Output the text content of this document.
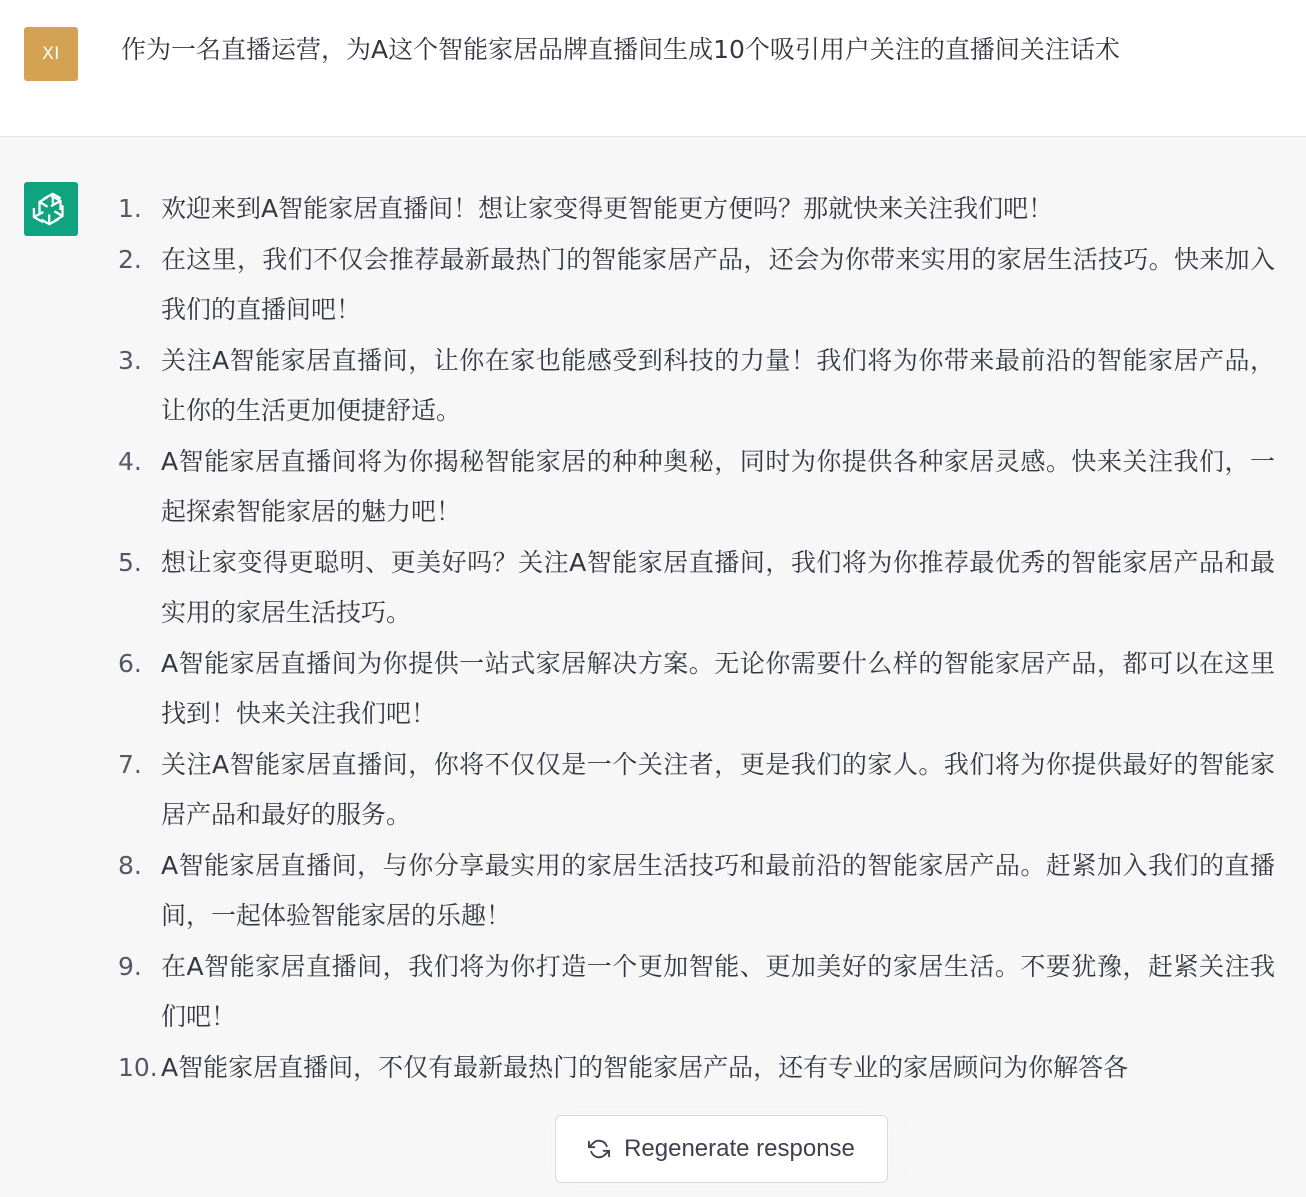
XI 作为一名直播运营，为A这个智能家居品牌直播间生成10个吸引用户关注的直播间关注话术
1. 欢迎来到A智能家居直播间！想让家变得更智能更方便吗？那就快来关注我们吧！
2. 在这里，我们不仅会推荐最新最热门的智能家居产品，还会为你带来实用的家居生活技巧。快来加入我们的直播间吧！
3. 关注A智能家居直播间，让你在家也能感受到科技的力量！我们将为你带来最前沿的智能家居产品，让你的生活更加便捷舒适。
4. A智能家居直播间将为你揭秘智能家居的种种奥秘，同时为你提供各种家居灵感。快来关注我们，一起探索智能家居的魅力吧！
5. 想让家变得更聪明、更美好吗？关注A智能家居直播间，我们将为你推荐最优秀的智能家居产品和最实用的家居生活技巧。
6. A智能家居直播间为你提供一站式家居解决方案。无论你需要什么样的智能家居产品，都可以在这里找到！快来关注我们吧！
7. 关注A智能家居直播间，你将不仅仅是一个关注者，更是我们的家人。我们将为你提供最好的智能家居产品和最好的服务。
8. A智能家居直播间，与你分享最实用的家居生活技巧和最前沿的智能家居产品。赶紧加入我们的直播间，一起体验智能家居的乐趣！
9. 在A智能家居直播间，我们将为你打造一个更加智能、更加美好的家居生活。不要犹豫，赶紧关注我们吧！
10. A智能家居直播间，不仅有最新最热门的智能家居产品，还有专业的家居顾问为你解答各
Regenerate response
